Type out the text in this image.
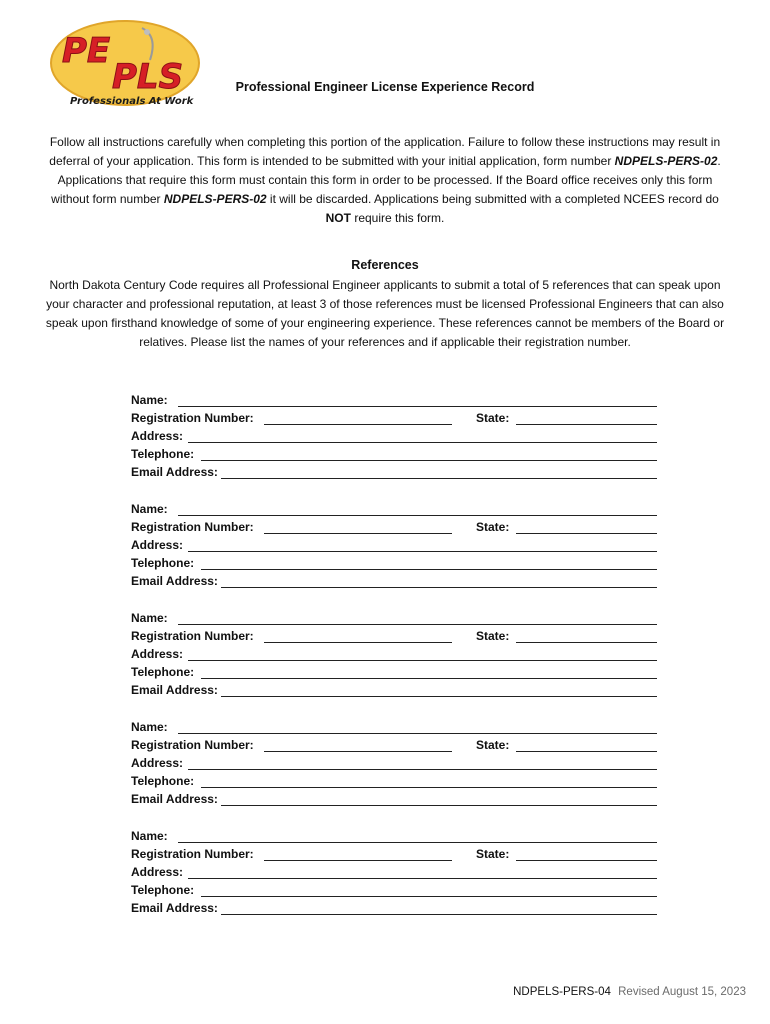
PE
PLS
Professionals At Work
Professional Engineer License Experience Record
Follow all instructions carefully when completing this portion of the application. Failure to follow these instructions may result in deferral of your application. This form is intended to be submitted with your initial application, form number NDPELS-PERS-02. Applications that require this form must contain this form in order to be processed. If the Board office receives only this form without form number NDPELS-PERS-02 it will be discarded. Applications being submitted with a completed NCEES record do NOT require this form.
References
North Dakota Century Code requires all Professional Engineer applicants to submit a total of 5 references that can speak upon your character and professional reputation, at least 3 of those references must be licensed Professional Engineers that can also speak upon firsthand knowledge of some of your engineering experience. These references cannot be members of the Board or relatives. Please list the names of your references and if applicable their registration number.
Name:
Registration Number:	State:
Address:
Telephone:
Email Address:
Name:
Registration Number:	State:
Address:
Telephone:
Email Address:
Name:
Registration Number:	State:
Address:
Telephone:
Email Address:
Name:
Registration Number:	State:
Address:
Telephone:
Email Address:
Name:
Registration Number:	State:
Address:
Telephone:
Email Address:
NDPELS-PERS-04 Revised August 15, 2023
